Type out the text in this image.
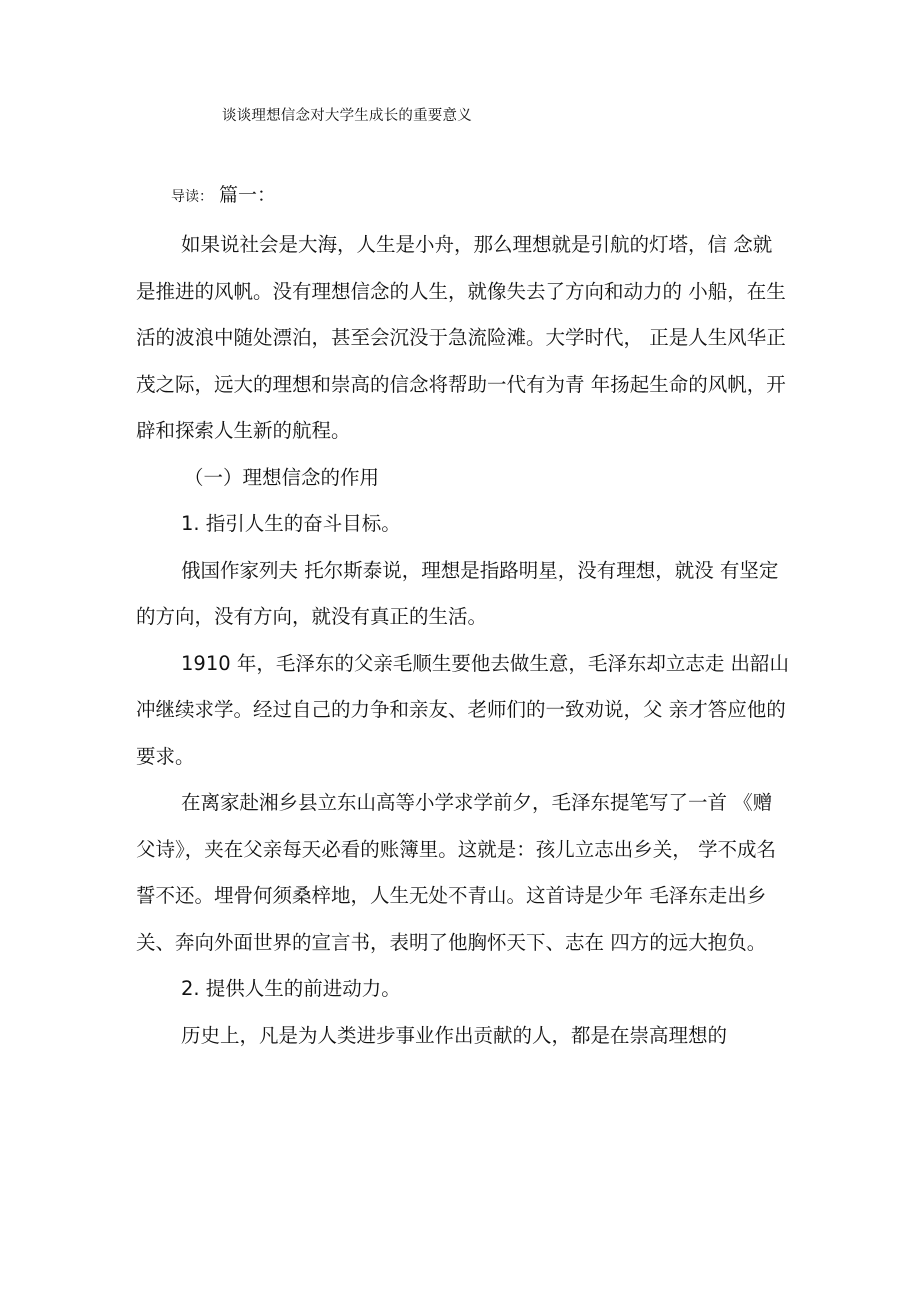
谈谈理想信念对大学生成长的重要意义
导读： 篇一：
如果说社会是大海，人生是小舟，那么理想就是引航的灯塔，信 念就
是推进的风帆。没有理想信念的人生，就像失去了方向和动力的 小船，在生
活的波浪中随处漂泊，甚至会沉没于急流险滩。大学时代， 正是人生风华正
茂之际，远大的理想和崇高的信念将帮助一代有为青 年扬起生命的风帆，开
辟和探索人生新的航程。
（一）理想信念的作用
1. 指引人生的奋斗目标。
俄国作家列夫 托尔斯泰说，理想是指路明星，没有理想，就没 有坚定
的方向，没有方向，就没有真正的生活。
1910 年，毛泽东的父亲毛顺生要他去做生意，毛泽东却立志走 出韶山
冲继续求学。经过自己的力争和亲友、老师们的一致劝说，父 亲才答应他的
要求。
在离家赴湘乡县立东山高等小学求学前夕，毛泽东提笔写了一首 《赠
父诗》，夹在父亲每天必看的账簿里。这就是：孩儿立志出乡关， 学不成名
誓不还。埋骨何须桑梓地，人生无处不青山。这首诗是少年 毛泽东走出乡
关、奔向外面世界的宣言书，表明了他胸怀天下、志在 四方的远大抱负。
2. 提供人生的前进动力。
历史上，凡是为人类进步事业作出贡献的人，都是在崇高理想的
